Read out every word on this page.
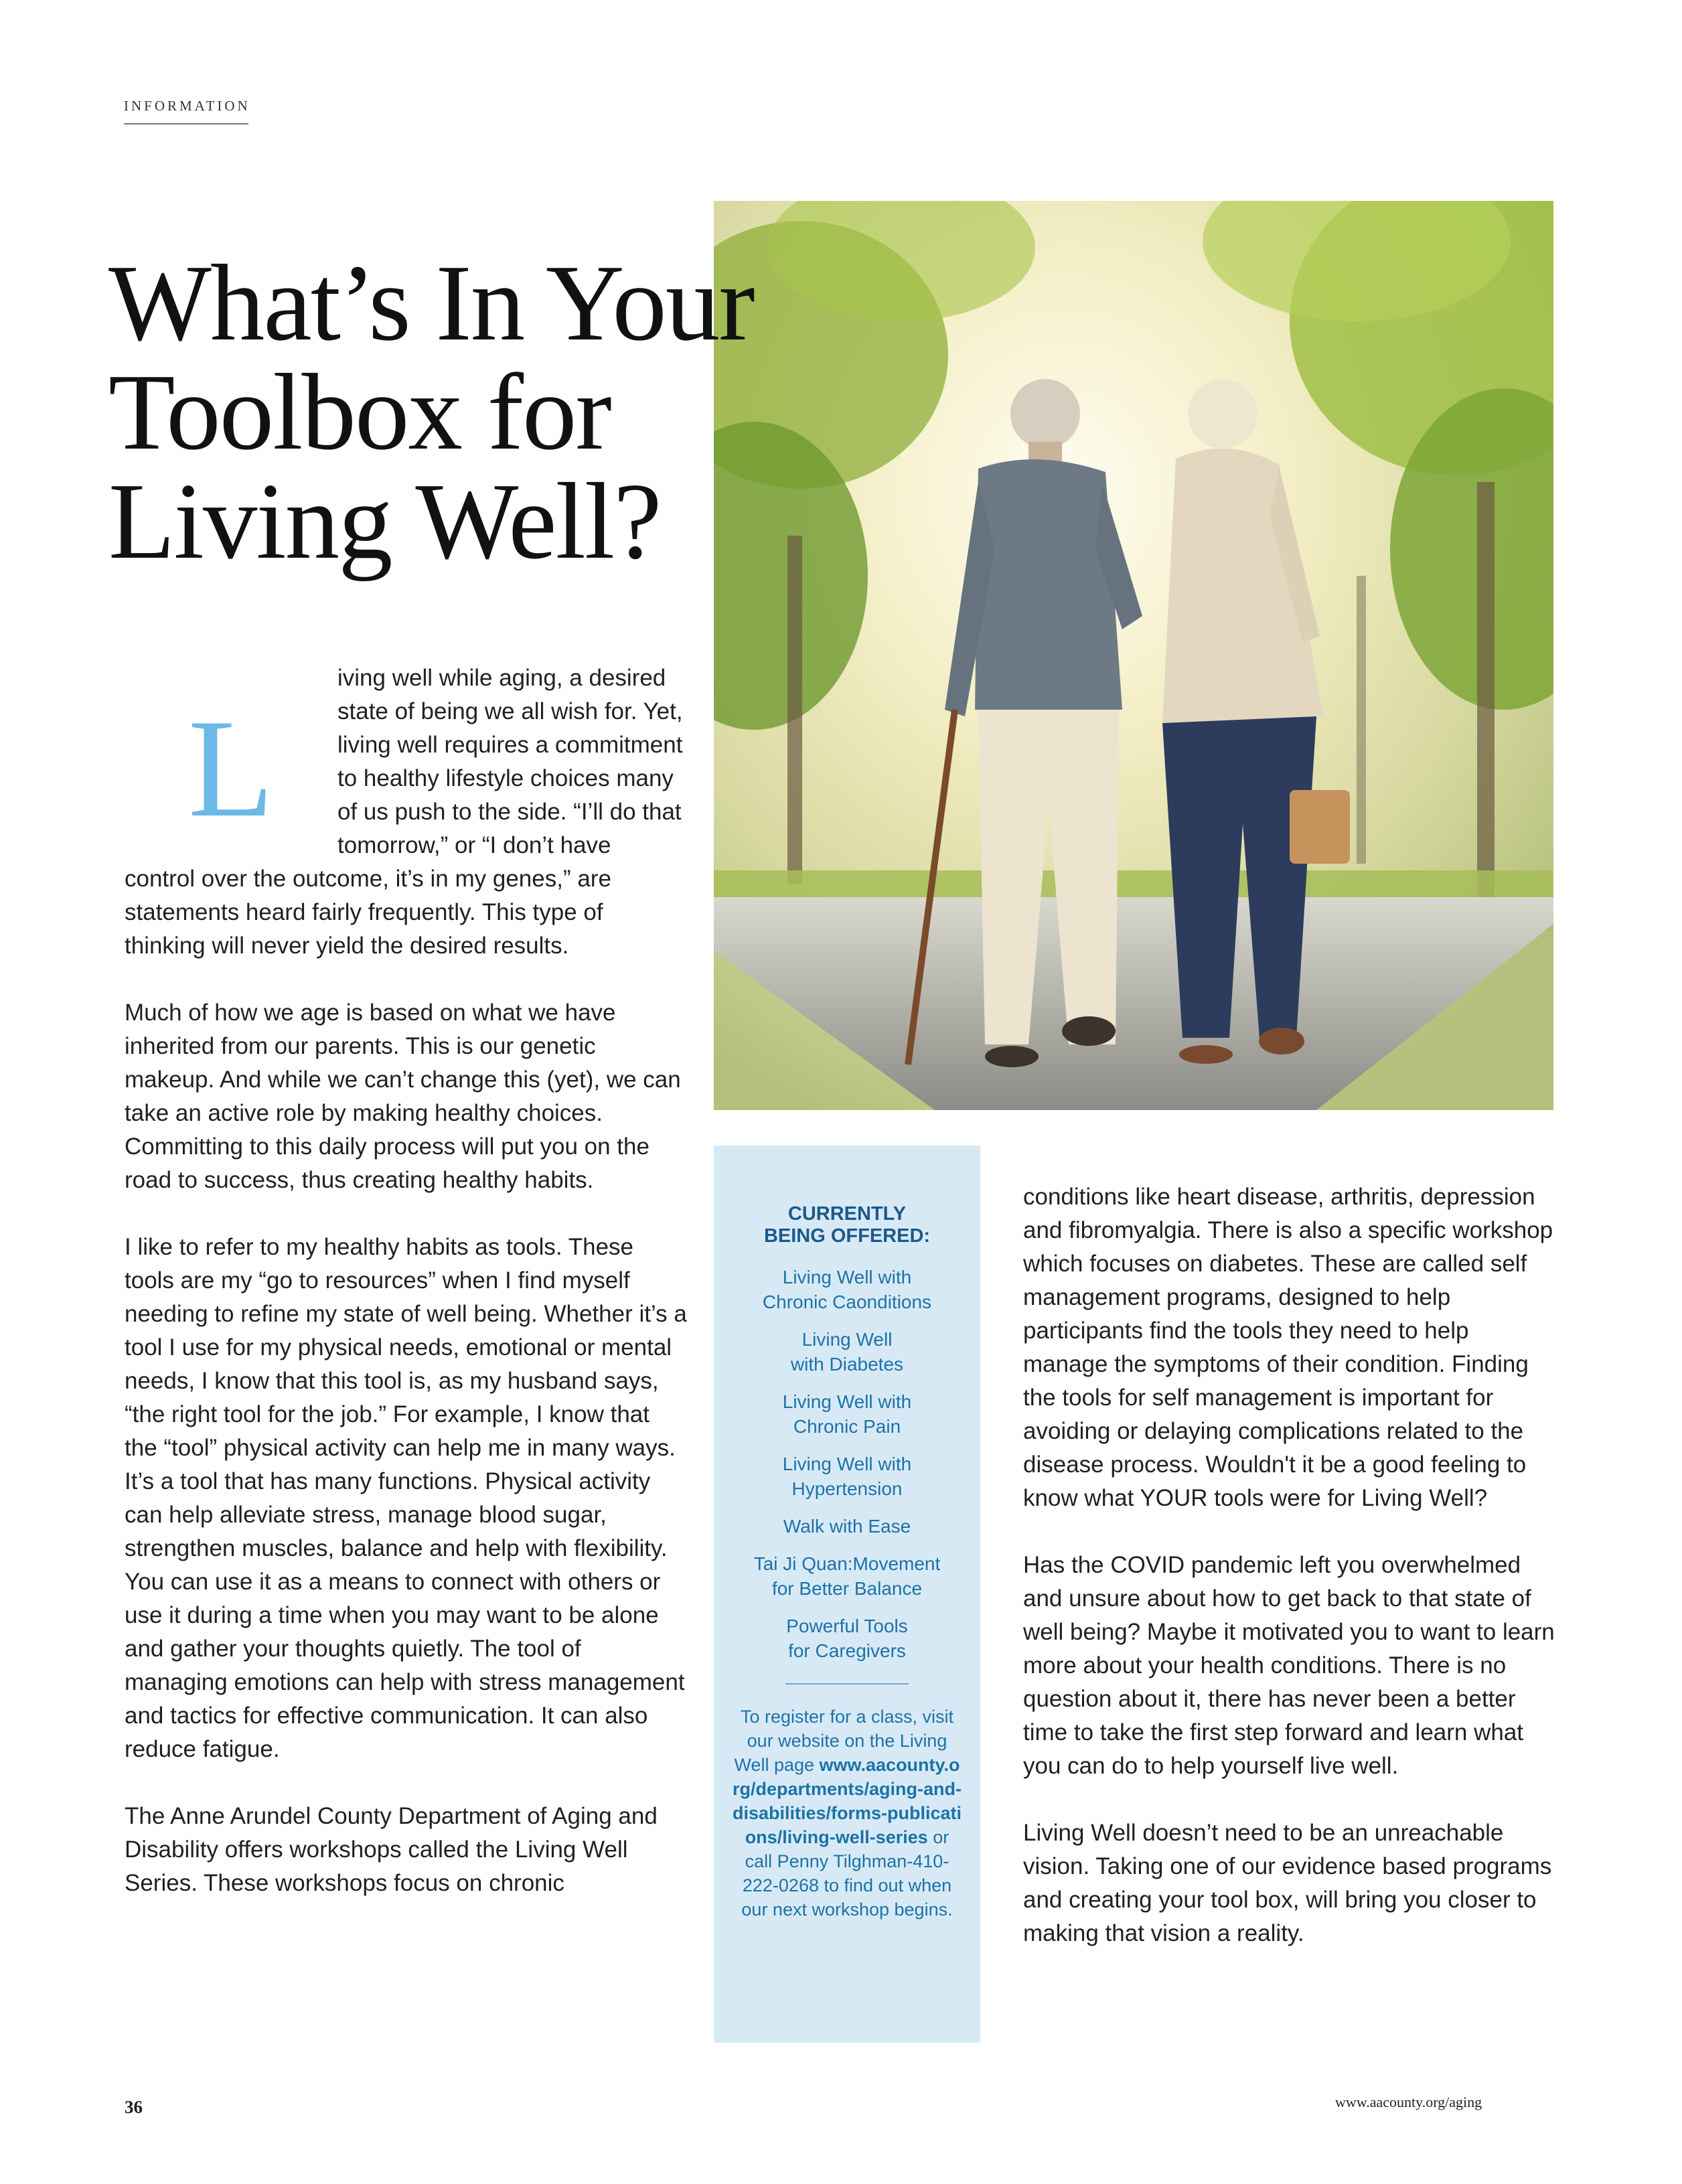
INFORMATION
What’s In Your
Toolbox for
Living Well?
L

iving well while aging, a desired state of being we all wish for. Yet, living well requires a commitment to healthy lifestyle choices many of us push to the side. “I’ll do that tomorrow,” or “I don’t have control over the outcome, it’s in my genes,” are statements heard fairly frequently. This type of thinking will never yield the desired results.

Much of how we age is based on what we have inherited from our parents. This is our genetic makeup. And while we can’t change this (yet), we can take an active role by making healthy choices. Committing to this daily process will put you on the road to success, thus creating healthy habits.

I like to refer to my healthy habits as tools. These tools are my “go to resources” when I find myself needing to refine my state of well being. Whether it’s a tool I use for my physical needs, emotional or mental needs, I know that this tool is, as my husband says, “the right tool for the job.” For example, I know that the “tool” physical activity can help me in many ways. It’s a tool that has many functions. Physical activity can help alleviate stress, manage blood sugar, strengthen muscles, balance and help with flexibility. You can use it as a means to connect with others or use it during a time when you may want to be alone and gather your thoughts quietly. The tool of managing emotions can help with stress management and tactics for effective communication. It can also reduce fatigue.

The Anne Arundel County Department of Aging and Disability offers workshops called the Living Well Series. These workshops focus on chronic

CURRENTLY
BEING OFFERED:
Living Well with
Chronic Caonditions
Living Well
with Diabetes
Living Well with
Chronic Pain
Living Well with
Hypertension
Walk with Ease
Tai Ji Quan:Movement
for Better Balance
Powerful Tools
for Caregivers
To register for a class, visit our website on the Living Well page www.aacounty.org/departments/aging-and-disabilities/forms-publications/living-well-series or call Penny Tilghman-410-222-0268 to find out when our next workshop begins.

conditions like heart disease, arthritis, depression and fibromyalgia. There is also a specific workshop which focuses on diabetes. These are called self management programs, designed to help participants find the tools they need to help manage the symptoms of their condition. Finding the tools for self management is important for avoiding or delaying complications related to the disease process. Wouldn't it be a good feeling to know what YOUR tools were for Living Well?

Has the COVID pandemic left you overwhelmed and unsure about how to get back to that state of well being? Maybe it motivated you to want to learn more about your health conditions. There is no question about it, there has never been a better time to take the first step forward and learn what you can do to help yourself live well.

Living Well doesn’t need to be an unreachable vision. Taking one of our evidence based programs and creating your tool box, will bring you closer to making that vision a reality.

36	www.aacounty.org/aging
